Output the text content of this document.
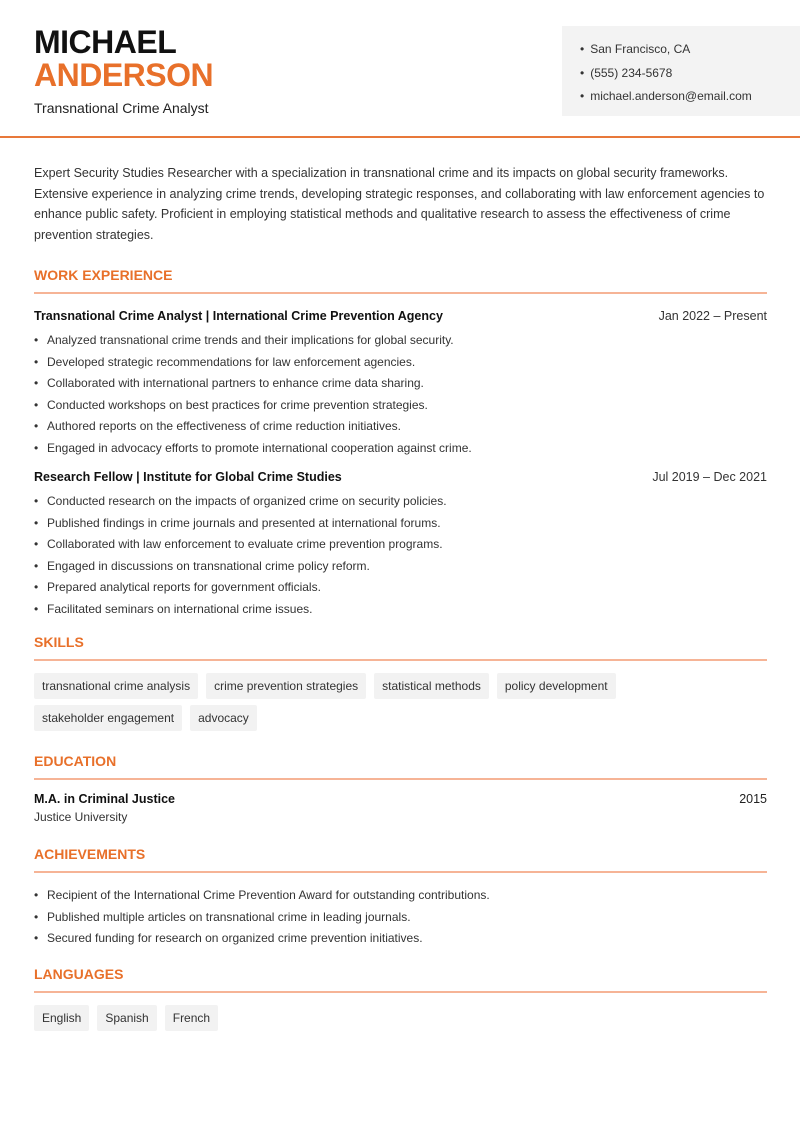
MICHAEL
ANDERSON
Transnational Crime Analyst
• San Francisco, CA
• (555) 234-5678
• michael.anderson@email.com

Expert Security Studies Researcher with a specialization in transnational crime and its impacts on global security frameworks. Extensive experience in analyzing crime trends, developing strategic responses, and collaborating with law enforcement agencies to enhance public safety. Proficient in employing statistical methods and qualitative research to assess the effectiveness of crime prevention strategies.

WORK EXPERIENCE
Transnational Crime Analyst | International Crime Prevention Agency	Jan 2022 – Present
• Analyzed transnational crime trends and their implications for global security.
• Developed strategic recommendations for law enforcement agencies.
• Collaborated with international partners to enhance crime data sharing.
• Conducted workshops on best practices for crime prevention strategies.
• Authored reports on the effectiveness of crime reduction initiatives.
• Engaged in advocacy efforts to promote international cooperation against crime.
Research Fellow | Institute for Global Crime Studies	Jul 2019 – Dec 2021
• Conducted research on the impacts of organized crime on security policies.
• Published findings in crime journals and presented at international forums.
• Collaborated with law enforcement to evaluate crime prevention programs.
• Engaged in discussions on transnational crime policy reform.
• Prepared analytical reports for government officials.
• Facilitated seminars on international crime issues.
SKILLS
transnational crime analysis	crime prevention strategies	statistical methods	policy development
stakeholder engagement	advocacy
EDUCATION
M.A. in Criminal Justice	2015
Justice University
ACHIEVEMENTS
• Recipient of the International Crime Prevention Award for outstanding contributions.
• Published multiple articles on transnational crime in leading journals.
• Secured funding for research on organized crime prevention initiatives.
LANGUAGES
English	Spanish	French
